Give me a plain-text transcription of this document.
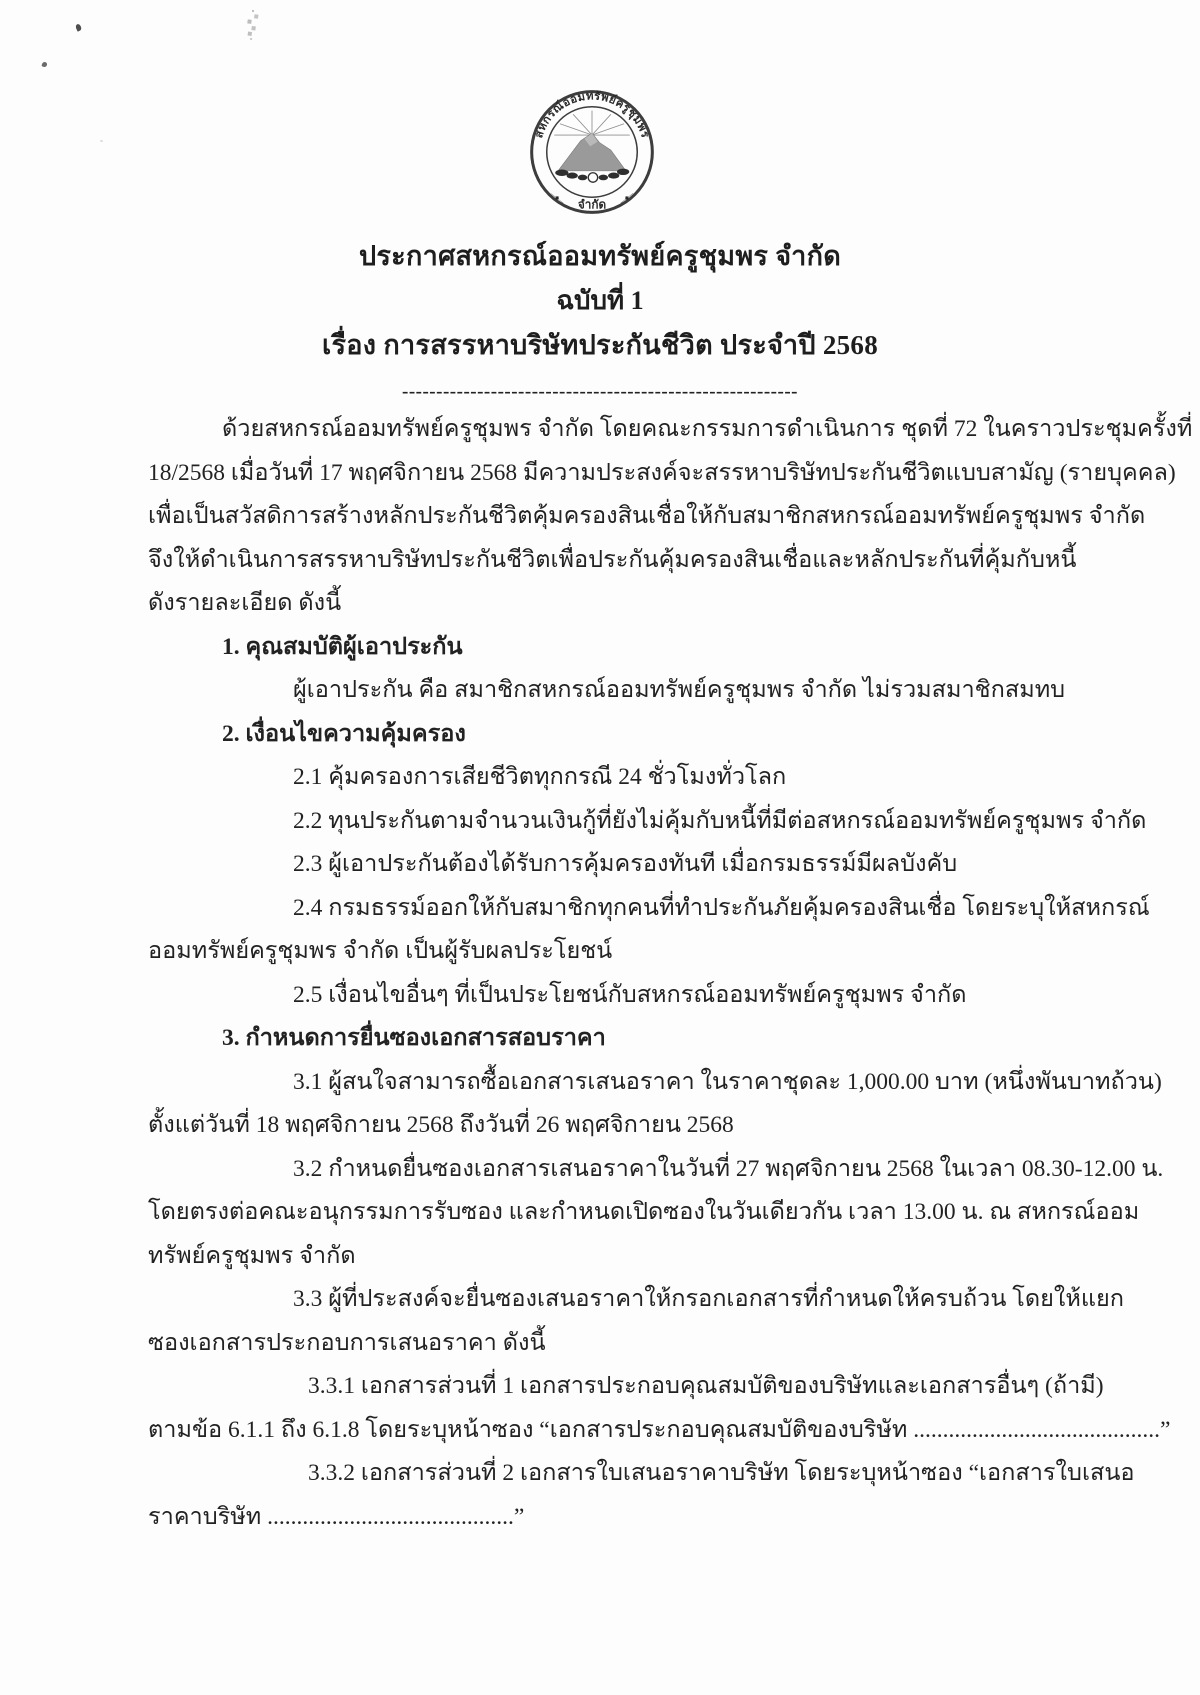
สหกรณ์ออมทรัพย์ครูชุมพร
จำกัด
—◆—	—◆—
ประกาศสหกรณ์ออมทรัพย์ครูชุมพร จำกัด
ฉบับที่ 1
เรื่อง การสรรหาบริษัทประกันชีวิต ประจำปี 2568
----------------------------------------------------------
ด้วยสหกรณ์ออมทรัพย์ครูชุมพร จำกัด โดยคณะกรรมการดำเนินการ ชุดที่ 72 ในคราวประชุมครั้งที่
18/2568 เมื่อวันที่ 17 พฤศจิกายน 2568 มีความประสงค์จะสรรหาบริษัทประกันชีวิตแบบสามัญ (รายบุคคล)
เพื่อเป็นสวัสดิการสร้างหลักประกันชีวิตคุ้มครองสินเชื่อให้กับสมาชิกสหกรณ์ออมทรัพย์ครูชุมพร จำกัด
จึงให้ดำเนินการสรรหาบริษัทประกันชีวิตเพื่อประกันคุ้มครองสินเชื่อและหลักประกันที่คุ้มกับหนี้
ดังรายละเอียด ดังนี้
1. คุณสมบัติผู้เอาประกัน
ผู้เอาประกัน คือ สมาชิกสหกรณ์ออมทรัพย์ครูชุมพร จำกัด ไม่รวมสมาชิกสมทบ
2. เงื่อนไขความคุ้มครอง
2.1 คุ้มครองการเสียชีวิตทุกกรณี 24 ชั่วโมงทั่วโลก
2.2 ทุนประกันตามจำนวนเงินกู้ที่ยังไม่คุ้มกับหนี้ที่มีต่อสหกรณ์ออมทรัพย์ครูชุมพร จำกัด
2.3 ผู้เอาประกันต้องได้รับการคุ้มครองทันที เมื่อกรมธรรม์มีผลบังคับ
2.4 กรมธรรม์ออกให้กับสมาชิกทุกคนที่ทำประกันภัยคุ้มครองสินเชื่อ โดยระบุให้สหกรณ์
ออมทรัพย์ครูชุมพร จำกัด เป็นผู้รับผลประโยชน์
2.5 เงื่อนไขอื่นๆ ที่เป็นประโยชน์กับสหกรณ์ออมทรัพย์ครูชุมพร จำกัด
3. กำหนดการยื่นซองเอกสารสอบราคา
3.1 ผู้สนใจสามารถซื้อเอกสารเสนอราคา ในราคาชุดละ 1,000.00 บาท (หนึ่งพันบาทถ้วน)
ตั้งแต่วันที่ 18 พฤศจิกายน 2568 ถึงวันที่ 26 พฤศจิกายน 2568
3.2 กำหนดยื่นซองเอกสารเสนอราคาในวันที่ 27 พฤศจิกายน 2568 ในเวลา 08.30-12.00 น.
โดยตรงต่อคณะอนุกรรมการรับซอง และกำหนดเปิดซองในวันเดียวกัน เวลา 13.00 น. ณ สหกรณ์ออม
ทรัพย์ครูชุมพร จำกัด
3.3 ผู้ที่ประสงค์จะยื่นซองเสนอราคาให้กรอกเอกสารที่กำหนดให้ครบถ้วน โดยให้แยก
ซองเอกสารประกอบการเสนอราคา ดังนี้
3.3.1 เอกสารส่วนที่ 1 เอกสารประกอบคุณสมบัติของบริษัทและเอกสารอื่นๆ (ถ้ามี)
ตามข้อ 6.1.1 ถึง 6.1.8 โดยระบุหน้าซอง “เอกสารประกอบคุณสมบัติของบริษัท ..........................................”
3.3.2 เอกสารส่วนที่ 2 เอกสารใบเสนอราคาบริษัท โดยระบุหน้าซอง “เอกสารใบเสนอ
ราคาบริษัท ..........................................”
